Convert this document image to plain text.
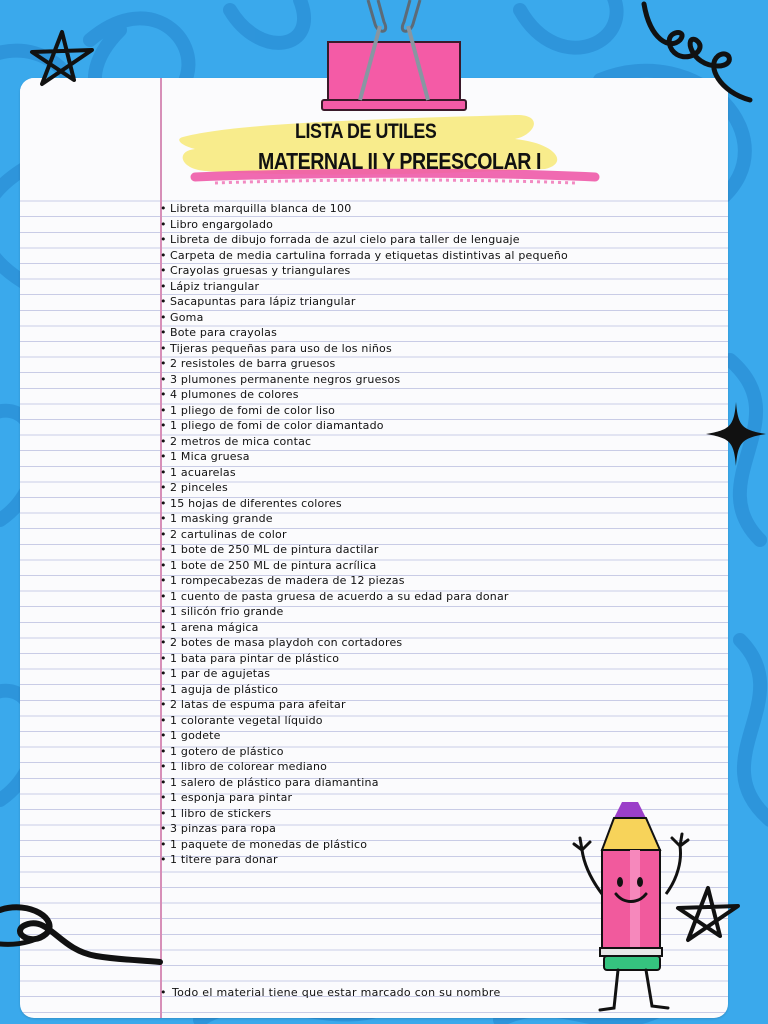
LISTA DE UTILES
MATERNAL II Y PREESCOLAR I
• Libreta marquilla blanca de 100
• Libro engargolado
• Libreta de dibujo forrada de azul cielo para taller de lenguaje
• Carpeta de media cartulina forrada y etiquetas distintivas al pequeño
• Crayolas gruesas y triangulares
• Lápiz triangular
• Sacapuntas para lápiz triangular
• Goma
• Bote para crayolas
• Tijeras pequeñas para uso de los niños
• 2 resistoles de barra gruesos
• 3 plumones permanente negros gruesos
• 4 plumones de colores
• 1 pliego de fomi de color liso
• 1 pliego de fomi de color diamantado
• 2 metros de mica contac
• 1 Mica gruesa
• 1 acuarelas
• 2 pinceles
• 15 hojas de diferentes colores
• 1 masking grande
• 2 cartulinas de color
• 1 bote de 250 ML de pintura dactilar
• 1 bote de 250 ML de pintura acrílica
• 1 rompecabezas de madera de 12 piezas
• 1 cuento de pasta gruesa de acuerdo a su edad para donar
• 1 silicón frio grande
• 1 arena mágica
• 2 botes de masa playdoh con cortadores
• 1 bata para pintar de plástico
• 1 par de agujetas
• 1 aguja de plástico
• 2 latas de espuma para afeitar
• 1 colorante vegetal líquido
• 1 godete
• 1 gotero de plástico
• 1 libro de colorear mediano
• 1 salero de plástico para diamantina
• 1 esponja para pintar
• 1 libro de stickers
• 3 pinzas para ropa
• 1 paquete de monedas de plástico
• 1 titere para donar
• Todo el material tiene que estar marcado con su nombre
